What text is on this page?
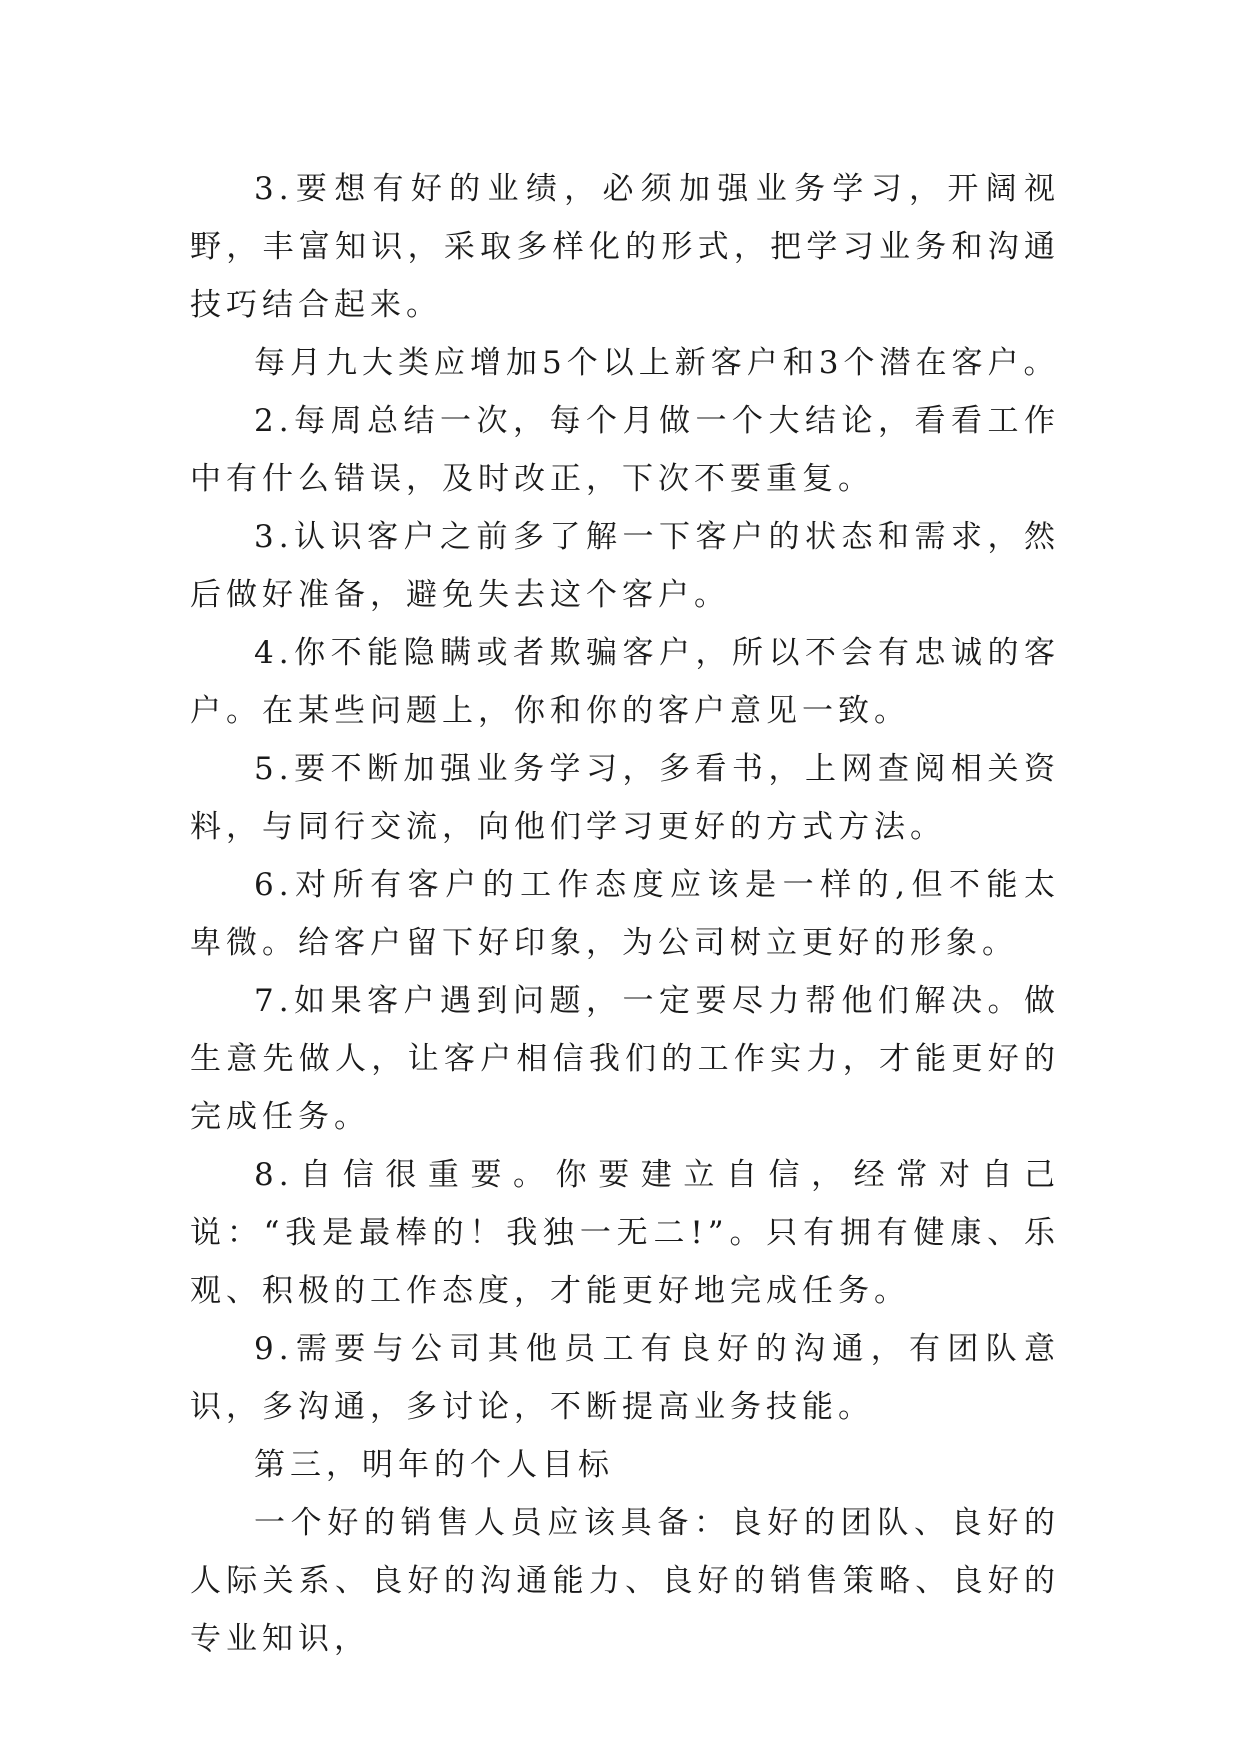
3.要想有好的业绩，必须加强业务学习，开阔视野，丰富知识，采取多样化的形式，把学习业务和沟通技巧结合起来。

每月九大类应增加5个以上新客户和3个潜在客户。

2.每周总结一次，每个月做一个大结论，看看工作中有什么错误，及时改正，下次不要重复。

3.认识客户之前多了解一下客户的状态和需求，然后做好准备，避免失去这个客户。

4.你不能隐瞒或者欺骗客户，所以不会有忠诚的客户。在某些问题上，你和你的客户意见一致。

5.要不断加强业务学习，多看书，上网查阅相关资料，与同行交流，向他们学习更好的方式方法。

6.对所有客户的工作态度应该是一样的,但不能太卑微。给客户留下好印象，为公司树立更好的形象。

7.如果客户遇到问题，一定要尽力帮他们解决。做生意先做人，让客户相信我们的工作实力，才能更好的完成任务。

8.自信很重要。你要建立自信，经常对自己说：“我是最棒的！我独一无二!”。只有拥有健康、乐观、积极的工作态度，才能更好地完成任务。

9.需要与公司其他员工有良好的沟通，有团队意识，多沟通，多讨论，不断提高业务技能。

第三，明年的个人目标

一个好的销售人员应该具备：良好的团队、良好的人际关系、良好的沟通能力、良好的销售策略、良好的专业知识，
